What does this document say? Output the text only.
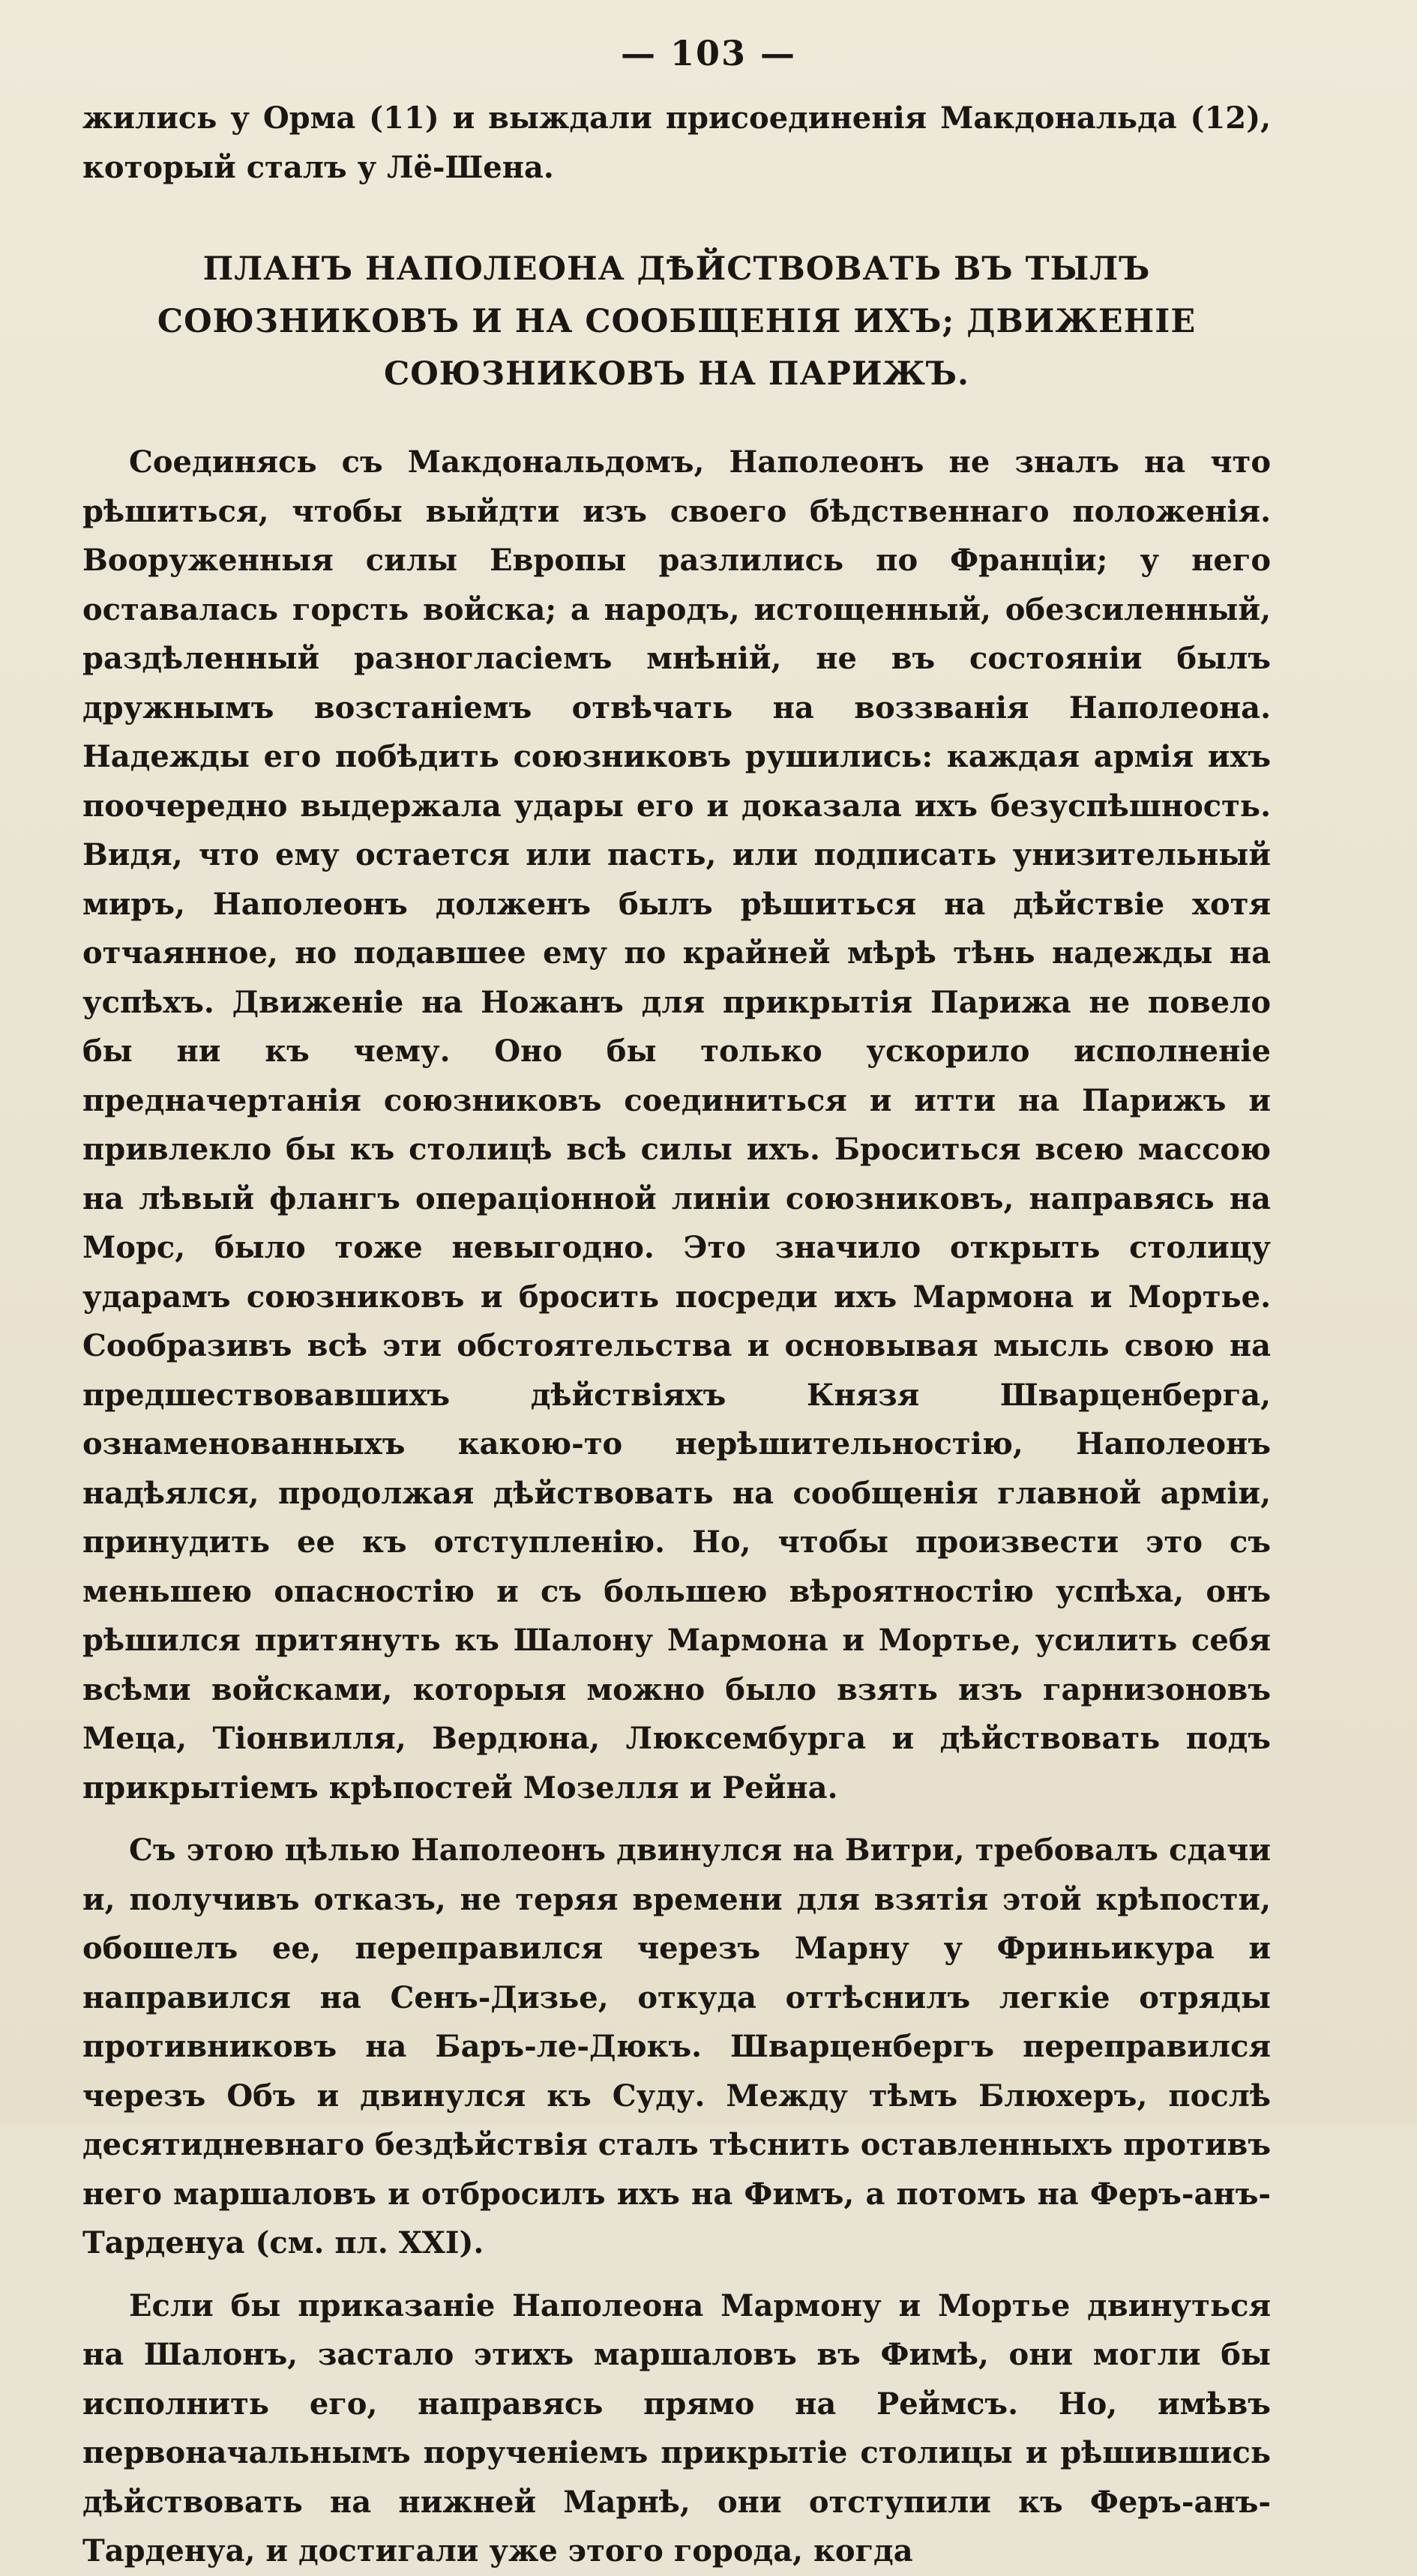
— 103 —

жились у Орма (11) и выждали присоединенія Макдональда (12), который сталъ у Лё-Шена.

ПЛАНЪ НАПОЛЕОНА ДѢЙСТВОВАТЬ ВЪ ТЫЛЪ СОЮЗНИКОВЪ И НА СООБЩЕНІЯ ИХЪ; ДВИЖЕНІЕ СОЮЗНИКОВЪ НА ПАРИЖЪ.

Соединясь съ Макдональдомъ, Наполеонъ не зналъ на что рѣшиться, чтобы выйдти изъ своего бѣдственнаго положенія. Вооруженныя силы Европы разлились по Франціи; у него оставалась горсть войска; а народъ, истощенный, обезсиленный, раздѣленный разногласіемъ мнѣній, не въ состояніи былъ дружнымъ возстаніемъ отвѣчать на воззванія Наполеона. Надежды его побѣдить союзниковъ рушились: каждая армія ихъ поочередно выдержала удары его и доказала ихъ безуспѣшность. Видя, что ему остается или пасть, или подписать унизительный миръ, Наполеонъ долженъ былъ рѣшиться на дѣйствіе хотя отчаянное, но подавшее ему по крайней мѣрѣ тѣнь надежды на успѣхъ. Движеніе на Ножанъ для прикрытія Парижа не повело бы ни къ чему. Оно бы только ускорило исполненіе предначертанія союзниковъ соединиться и итти на Парижъ и привлекло бы къ столицѣ всѣ силы ихъ. Броситься всею массою на лѣвый флангъ операціонной линіи союзниковъ, направясь на Морс, было тоже невыгодно. Это значило открыть столицу ударамъ союзниковъ и бросить посреди ихъ Мармона и Мортье. Сообразивъ всѣ эти обстоятельства и основывая мысль свою на предшествовавшихъ дѣйствіяхъ Князя Шварценберга, ознаменованныхъ какою-то нерѣшительностію, Наполеонъ надѣялся, продолжая дѣйствовать на сообщенія главной арміи, принудить ее къ отступленію. Но, чтобы произвести это съ меньшею опасностію и съ большею вѣроятностію успѣха, онъ рѣшился притянуть къ Шалону Мармона и Мортье, усилить себя всѣми войсками, которыя можно было взять изъ гарнизоновъ Меца, Тіонвилля, Вердюна, Люксембурга и дѣйствовать подъ прикрытіемъ крѣпостей Мозелля и Рейна.

Съ этою цѣлью Наполеонъ двинулся на Витри, требовалъ сдачи и, получивъ отказъ, не теряя времени для взятія этой крѣпости, обошелъ ее, переправился черезъ Марну у Фриньикура и направился на Сенъ-Дизье, откуда оттѣснилъ легкіе отряды противниковъ на Баръ-ле-Дюкъ. Шварценбергъ переправился черезъ Объ и двинулся къ Суду. Между тѣмъ Блюхеръ, послѣ десятидневнаго бездѣйствія сталъ тѣснить оставленныхъ противъ него маршаловъ и отбросилъ ихъ на Фимъ, а потомъ на Феръ-анъ-Тарденуа (см. пл. XXI).

Если бы приказаніе Наполеона Мармону и Мортье двинуться на Шалонъ, застало этихъ маршаловъ въ Фимѣ, они могли бы исполнить его, направясь прямо на Реймсъ. Но, имѣвъ первоначальнымъ порученіемъ прикрытіе столицы и рѣшившись дѣйствовать на нижней Марнѣ, они отступили къ Феръ-анъ-Тарденуа, и достигали уже этого города, когда
